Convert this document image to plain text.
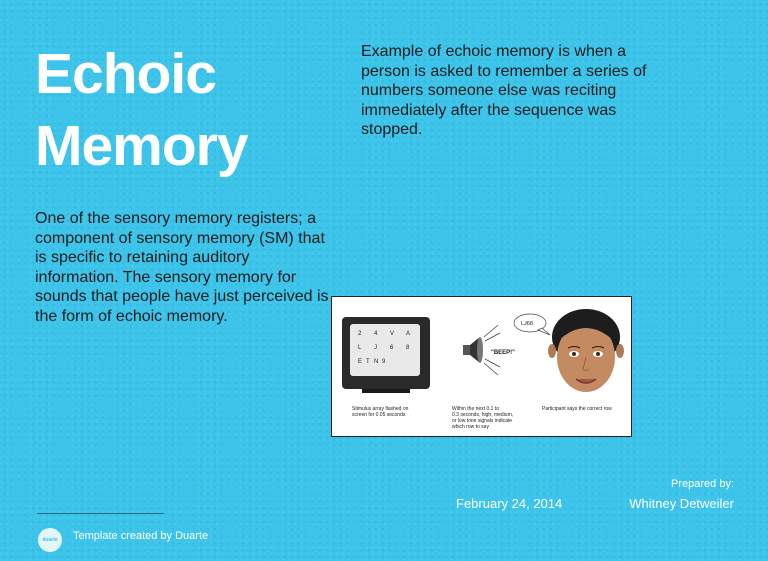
Echoic
Memory

Example of echoic memory is when a person is asked to remember a series of numbers someone else was reciting immediately after the sequence was stopped.

One of the sensory memory registers; a component of sensory memory (SM) that is specific to retaining auditory information. The sensory memory for sounds that people have just perceived is the form of echoic memory.

2 4 V A
L J 6 8
E T N 9
"BEEP!"
LJ68
Stimulus array flashed on
screen for 0.05 seconds
Within the next 0.1 to
0.3 seconds, high, medium,
or low tone signals indicate
which row to say
Participant says the correct row
Prepared by:
February 24, 2014	Whitney Detweiler
duarte Template created by Duarte
